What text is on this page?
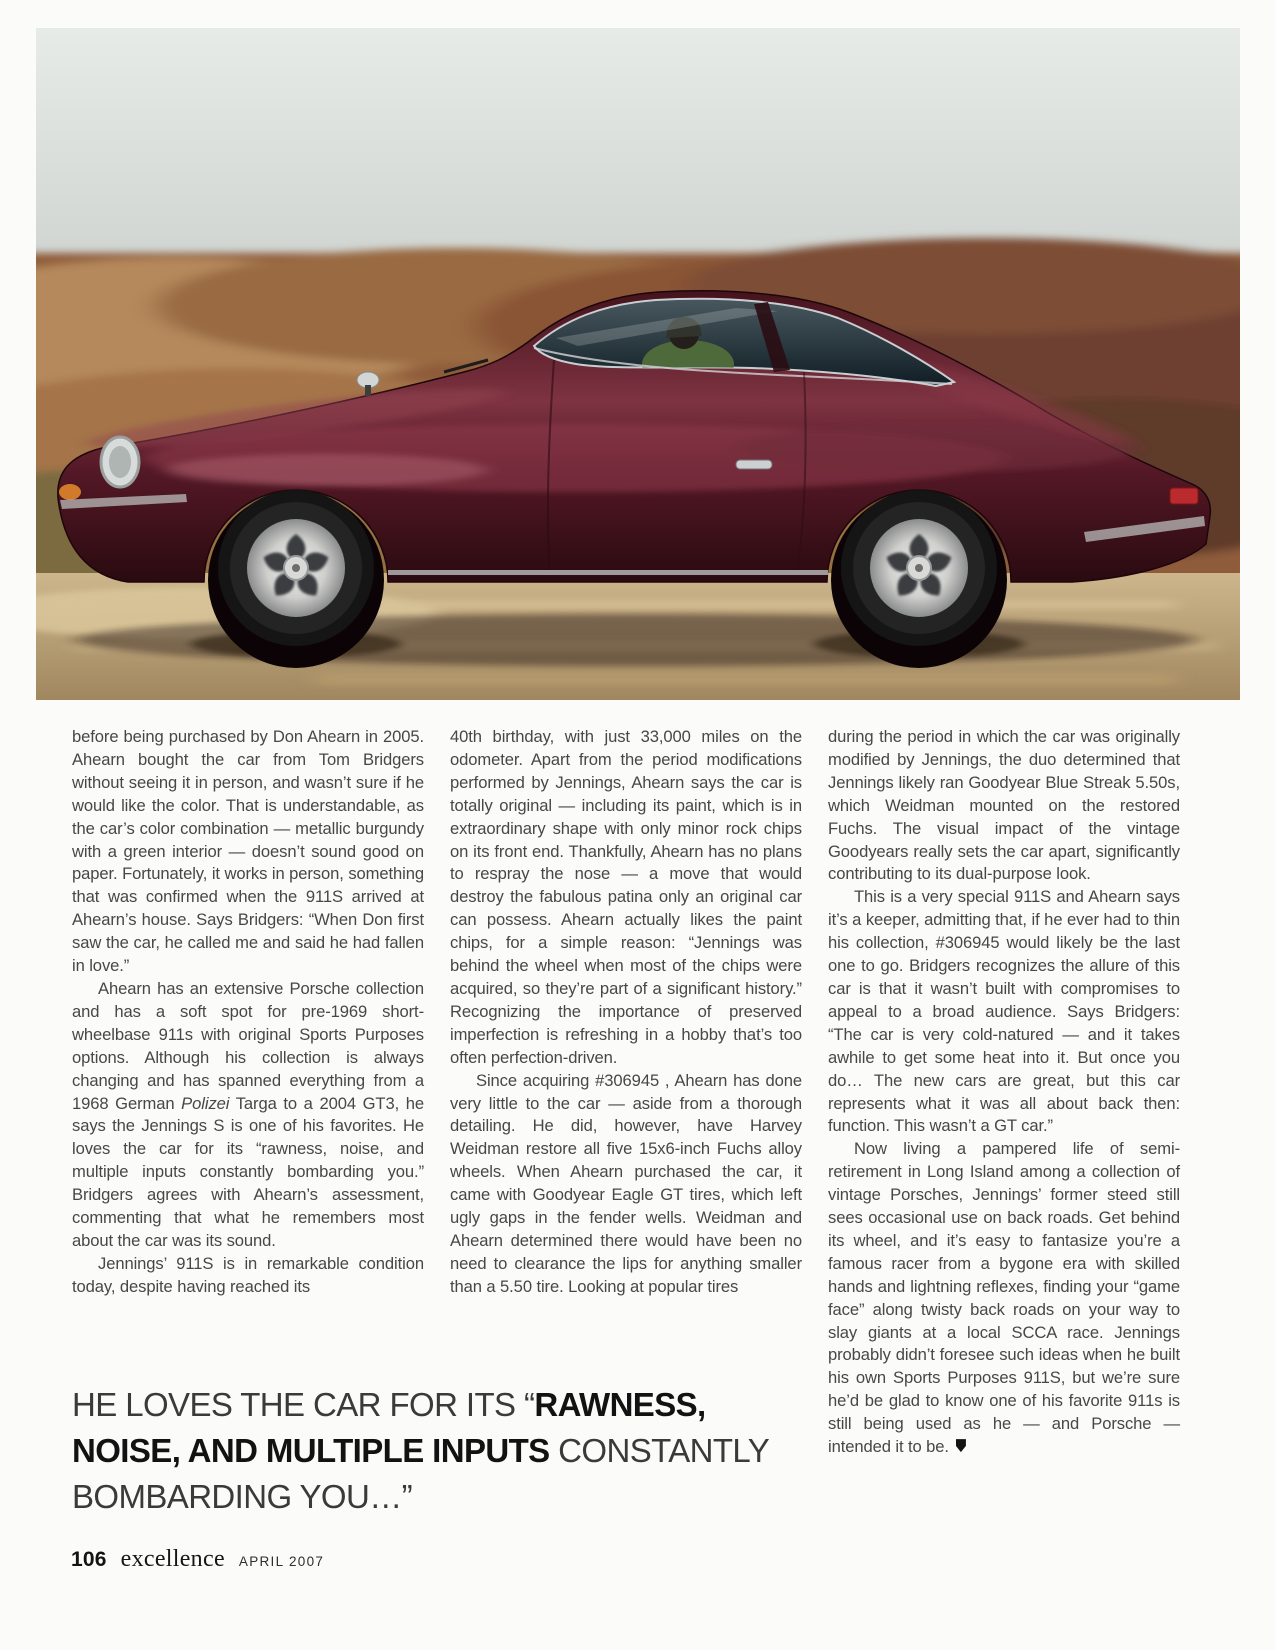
before being purchased by Don Ahearn in 2005. Ahearn bought the car from Tom Bridgers without seeing it in person, and wasn’t sure if he would like the color. That is understandable, as the car’s color combination — metallic burgundy with a green interior — doesn’t sound good on paper. Fortunately, it works in person, something that was confirmed when the 911S arrived at Ahearn’s house. Says Bridgers: “When Don first saw the car, he called me and said he had fallen in love.”

Ahearn has an extensive Porsche collection and has a soft spot for pre-1969 short-wheelbase 911s with original Sports Purposes options. Although his collection is always changing and has spanned everything from a 1968 German Polizei Targa to a 2004 GT3, he says the Jennings S is one of his favorites. He loves the car for its “rawness, noise, and multiple inputs constantly bombarding you.” Bridgers agrees with Ahearn’s assessment, commenting that what he remembers most about the car was its sound.

Jennings’ 911S is in remarkable condition today, despite having reached its

40th birthday, with just 33,000 miles on the odometer. Apart from the period modifications performed by Jennings, Ahearn says the car is totally original — including its paint, which is in extraordinary shape with only minor rock chips on its front end. Thankfully, Ahearn has no plans to respray the nose — a move that would destroy the fabulous patina only an original car can possess. Ahearn actually likes the paint chips, for a simple reason: “Jennings was behind the wheel when most of the chips were acquired, so they’re part of a significant history.” Recognizing the importance of preserved imperfection is refreshing in a hobby that’s too often perfection-driven.

Since acquiring #306945 , Ahearn has done very little to the car — aside from a thorough detailing. He did, however, have Harvey Weidman restore all five 15x6-inch Fuchs alloy wheels. When Ahearn purchased the car, it came with Goodyear Eagle GT tires, which left ugly gaps in the fender wells. Weidman and Ahearn determined there would have been no need to clearance the lips for anything smaller than a 5.50 tire. Looking at popular tires

during the period in which the car was originally modified by Jennings, the duo determined that Jennings likely ran Goodyear Blue Streak 5.50s, which Weidman mounted on the restored Fuchs. The visual impact of the vintage Goodyears really sets the car apart, significantly contributing to its dual-purpose look.

This is a very special 911S and Ahearn says it’s a keeper, admitting that, if he ever had to thin his collection, #306945 would likely be the last one to go. Bridgers recognizes the allure of this car is that it wasn’t built with compromises to appeal to a broad audience. Says Bridgers: “The car is very cold-natured — and it takes awhile to get some heat into it. But once you do… The new cars are great, but this car represents what it was all about back then: function. This wasn’t a GT car.”

Now living a pampered life of semi-retirement in Long Island among a collection of vintage Porsches, Jennings’ former steed still sees occasional use on back roads. Get behind its wheel, and it’s easy to fantasize you’re a famous racer from a bygone era with skilled hands and lightning reflexes, finding your “game face” along twisty back roads on your way to slay giants at a local SCCA race. Jennings probably didn’t foresee such ideas when he built his own Sports Purposes 911S, but we’re sure he’d be glad to know one of his favorite 911s is still being used as he — and Porsche — intended it to be.

HE LOVES THE CAR FOR ITS “RAWNESS,
NOISE, AND MULTIPLE INPUTS CONSTANTLY
BOMBARDING YOU…”
106 excellence APRIL 2007
